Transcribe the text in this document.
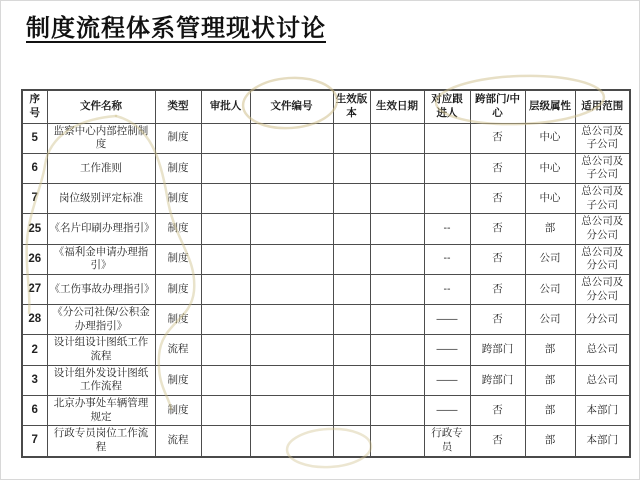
制度流程体系管理现状讨论
序号	文件名称	类型	审批人	文件编号	生效版本	生效日期	对应跟进人	跨部门/中心	层级属性	适用范围
5	监察中心内部控制制度	制度						否	中心	总公司及子公司
6	工作准则	制度						否	中心	总公司及子公司
7	岗位级别评定标准	制度						否	中心	总公司及子公司
25	《名片印刷办理指引》	制度					--	否	部	总公司及分公司
26	《福利金申请办理指引》	制度					--	否	公司	总公司及分公司
27	《工伤事故办理指引》	制度					--	否	公司	总公司及分公司
28	《分公司社保/公积金办理指引》	制度					——	否	公司	分公司
2	设计组设计图纸工作流程	流程					——	跨部门	部	总公司
3	设计组外发设计图纸工作流程	制度					——	跨部门	部	总公司
6	北京办事处车辆管理规定	制度					——	否	部	本部门
7	行政专员岗位工作流程	流程					行政专员	否	部	本部门
